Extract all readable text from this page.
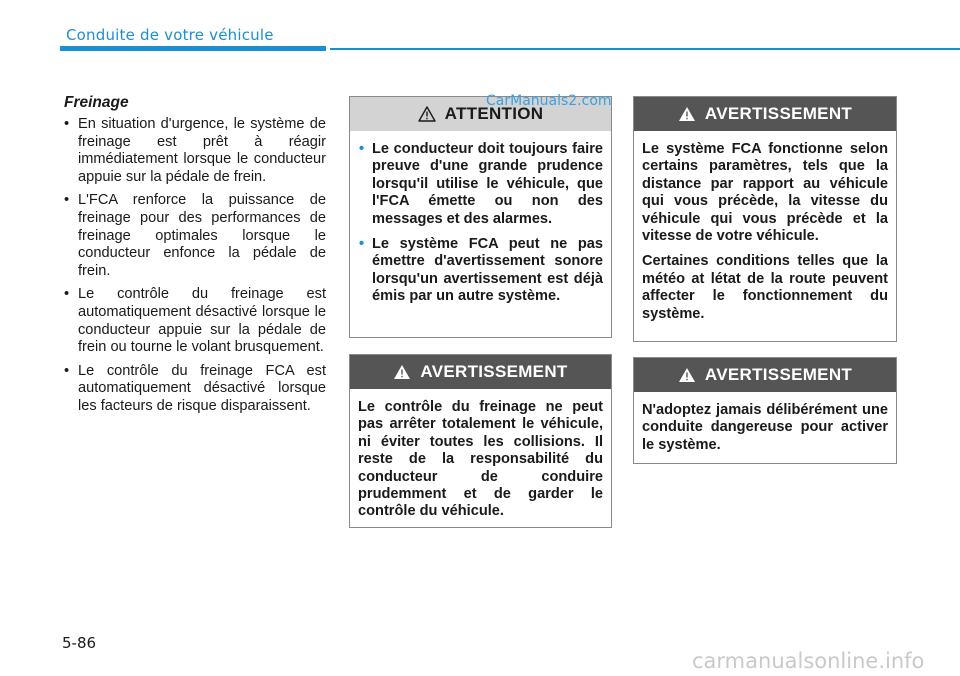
Conduite de votre véhicule
Freinage
• En situation d'urgence, le système de freinage est prêt à réagir immédiatement lorsque le conducteur appuie sur la pédale de frein.
• L'FCA renforce la puissance de freinage pour des performances de freinage optimales lorsque le conducteur enfonce la pédale de frein.
• Le contrôle du freinage est automatiquement désactivé lorsque le conducteur appuie sur la pédale de frein ou tourne le volant brusquement.
• Le contrôle du freinage FCA est automatiquement désactivé lorsque les facteurs de risque disparaissent.
ATTENTION
• Le conducteur doit toujours faire preuve d'une grande prudence lorsqu'il utilise le véhicule, que l'FCA émette ou non des messages et des alarmes.
• Le système FCA peut ne pas émettre d'avertissement sonore lorsqu'un avertissement est déjà émis par un autre système.
AVERTISSEMENT

Le contrôle du freinage ne peut pas arrêter totalement le véhicule, ni éviter toutes les collisions. Il reste de la responsabilité du conducteur de conduire prudemment et de garder le contrôle du véhicule.

AVERTISSEMENT

Le système FCA fonctionne selon certains paramètres, tels que la distance par rapport au véhicule qui vous précède, la vitesse du véhicule qui vous précède et la vitesse de votre véhicule.

Certaines conditions telles que la météo at létat de la route peuvent affecter le fonctionnement du système.

AVERTISSEMENT

N'adoptez jamais délibérément une conduite dangereuse pour activer le système.

CarManuals2.com
5-86
carmanualsonline.info
